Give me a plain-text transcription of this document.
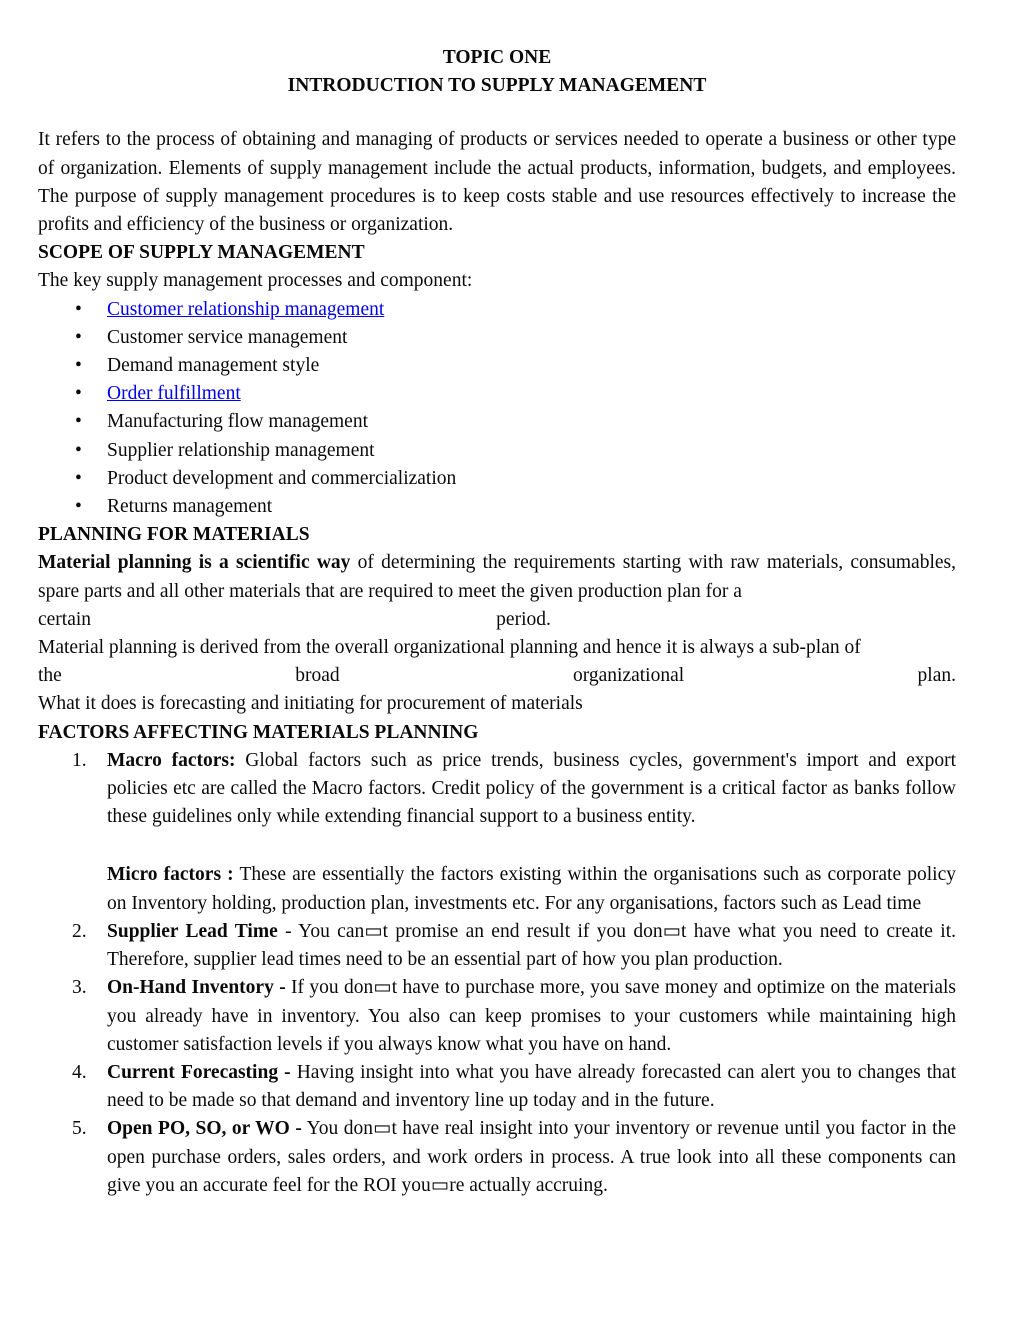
TOPIC ONE
INTRODUCTION TO SUPPLY MANAGEMENT
It refers to the process of obtaining and managing of products or services needed to operate a business or other type of organization. Elements of supply management include the actual products, information, budgets, and employees. The purpose of supply management procedures is to keep costs stable and use resources effectively to increase the profits and efficiency of the business or organization.
SCOPE OF SUPPLY MANAGEMENT
The key supply management processes and component:
• Customer relationship management
• Customer service management
• Demand management style
• Order fulfillment
• Manufacturing flow management
• Supplier relationship management
• Product development and commercialization
• Returns management
PLANNING FOR MATERIALS
Material planning is a scientific way of determining the requirements starting with raw materials, consumables, spare parts and all other materials that are required to meet the given production plan for a
certain	period.
Material planning is derived from the overall organizational planning and hence it is always a sub-plan of
the	broad	organizational	plan.
What it does is forecasting and initiating for procurement of materials
FACTORS AFFECTING MATERIALS PLANNING
1. Macro factors: Global factors such as price trends, business cycles, government's import and export policies etc are called the Macro factors. Credit policy of the government is a critical factor as banks follow these guidelines only while extending financial support to a business entity.
Micro factors : These are essentially the factors existing within the organisations such as corporate policy on Inventory holding, production plan, investments etc. For any organisations, factors such as Lead time
2. Supplier Lead Time - You can▭t promise an end result if you don▭t have what you need to create it. Therefore, supplier lead times need to be an essential part of how you plan production.
3. On-Hand Inventory - If you don▭t have to purchase more, you save money and optimize on the materials you already have in inventory. You also can keep promises to your customers while maintaining high customer satisfaction levels if you always know what you have on hand.
4. Current Forecasting - Having insight into what you have already forecasted can alert you to changes that need to be made so that demand and inventory line up today and in the future.
5. Open PO, SO, or WO - You don▭t have real insight into your inventory or revenue until you factor in the open purchase orders, sales orders, and work orders in process. A true look into all these components can give you an accurate feel for the ROI you▭re actually accruing.
